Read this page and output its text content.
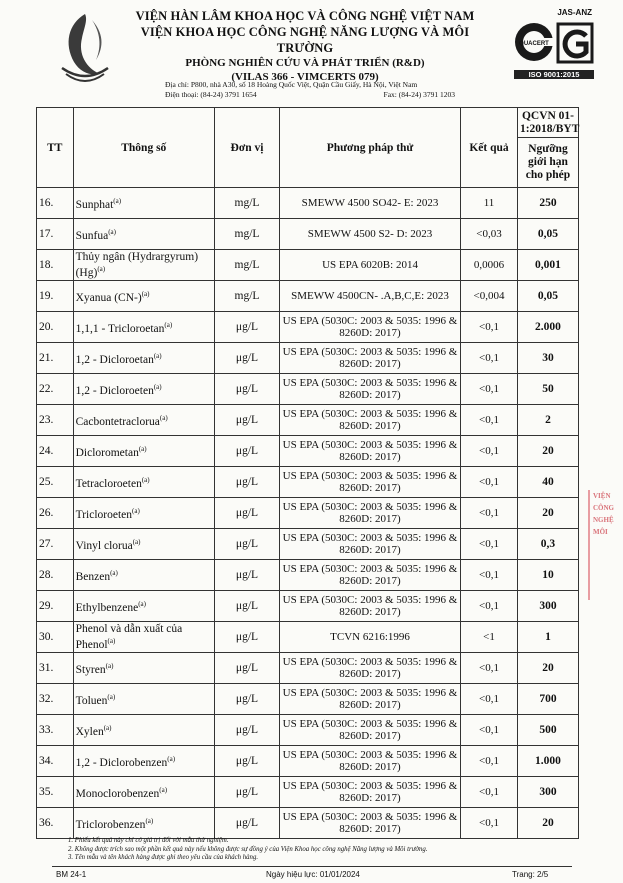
VIỆN HÀN LÂM KHOA HỌC VÀ CÔNG NGHỆ VIỆT NAM
VIỆN KHOA HỌC CÔNG NGHỆ NĂNG LƯỢNG VÀ MÔI TRƯỜNG
PHÒNG NGHIÊN CỨU VÀ PHÁT TRIỂN (R&D)
(VILAS 366 - VIMCERTS 079)
Địa chỉ: P800, nhà A30, số 18 Hoàng Quốc Việt, Quận Cầu Giấy, Hà Nội, Việt Nam
Điện thoại: (84-24) 3791 1654	Fax: (84-24) 3791 1203
JAS-ANZ
QUACERT
ISO 9001:2015
TT	Thông số	Đơn vị	Phương pháp thử	Kết quả	QCVN 01-1:2018/BYT
					Ngưỡng giới hạn cho phép
16.	Sunphat$^{(a)}$	mg/L	SMEWW 4500 SO42- E: 2023	11	250
17.	Sunfua$^{(a)}$	mg/L	SMEWW 4500 S2- D: 2023	<0,03	0,05
18.	Thủy ngân (Hydrargyrum) $(Hg)^{(a)}$	mg/L	US EPA 6020B: 2014	0,0006	0,001
19.	Xyanua $(CN-)^{(a)}$	mg/L	SMEWW 4500CN- .A,B,C,E: 2023	<0,004	0,05
20.	1,1,1 - Tricloroetan$^{(a)}$	μg/L	US EPA (5030C: 2003 & 5035: 1996 & 8260D: 2017)	<0,1	2.000
21.	1,2 - Dicloroetan$^{(a)}$	μg/L	US EPA (5030C: 2003 & 5035: 1996 & 8260D: 2017)	<0,1	30
22.	1,2 - Dicloroeten$^{(a)}$	μg/L	US EPA (5030C: 2003 & 5035: 1996 & 8260D: 2017)	<0,1	50
23.	Cacbontetraclorua$^{(a)}$	μg/L	US EPA (5030C: 2003 & 5035: 1996 & 8260D: 2017)	<0,1	2
24.	Diclorometan$^{(a)}$	μg/L	US EPA (5030C: 2003 & 5035: 1996 & 8260D: 2017)	<0,1	20
25.	Tetracloroeten$^{(a)}$	μg/L	US EPA (5030C: 2003 & 5035: 1996 & 8260D: 2017)	<0,1	40
26.	Tricloroeten$^{(a)}$	μg/L	US EPA (5030C: 2003 & 5035: 1996 & 8260D: 2017)	<0,1	20
27.	Vinyl clorua$^{(a)}$	μg/L	US EPA (5030C: 2003 & 5035: 1996 & 8260D: 2017)	<0,1	0,3
28.	Benzen$^{(a)}$	μg/L	US EPA (5030C: 2003 & 5035: 1996 & 8260D: 2017)	<0,1	10
29.	Ethylbenzene$^{(a)}$	μg/L	US EPA (5030C: 2003 & 5035: 1996 & 8260D: 2017)	<0,1	300
30.	Phenol và dẫn xuất của Phenol$^{(a)}$	μg/L	TCVN 6216:1996	<1	1
31.	Styren$^{(a)}$	μg/L	US EPA (5030C: 2003 & 5035: 1996 & 8260D: 2017)	<0,1	20
32.	Toluen$^{(a)}$	μg/L	US EPA (5030C: 2003 & 5035: 1996 & 8260D: 2017)	<0,1	700
33.	Xylen$^{(a)}$	μg/L	US EPA (5030C: 2003 & 5035: 1996 & 8260D: 2017)	<0,1	500
34.	1,2 - Diclorobenzen$^{(a)}$	μg/L	US EPA (5030C: 2003 & 5035: 1996 & 8260D: 2017)	<0,1	1.000
35.	Monoclorobenzen$^{(a)}$	μg/L	US EPA (5030C: 2003 & 5035: 1996 & 8260D: 2017)	<0,1	300
36.	Triclorobenzen$^{(a)}$	μg/L	US EPA (5030C: 2003 & 5035: 1996 & 8260D: 2017)	<0,1	20
VIỆN CÔNG NGHỆ MÔI
1. Phiếu kết quả này chỉ có giá trị đối với mẫu thử nghiệm.
2. Không được trích sao một phần kết quả này nếu không được sự đồng ý của Viện Khoa học công nghệ Năng lượng và Môi trường.
3. Tên mẫu và tên khách hàng được ghi theo yêu cầu của khách hàng.
BM 24-1	Ngày hiệu lực: 01/01/2024	Trang: 2/5
